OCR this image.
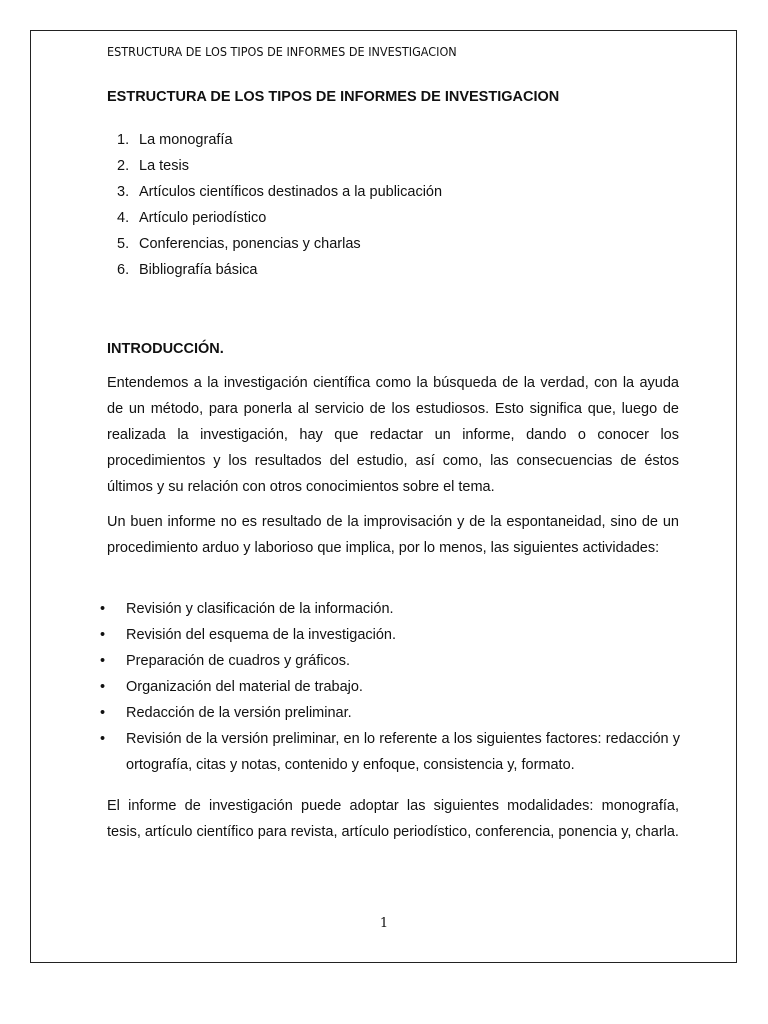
ESTRUCTURA DE LOS TIPOS DE INFORMES DE INVESTIGACION
ESTRUCTURA DE LOS TIPOS DE INFORMES DE INVESTIGACION
1. La monografía
2. La tesis
3. Artículos científicos destinados a la publicación
4. Artículo periodístico
5. Conferencias, ponencias y charlas
6. Bibliografía básica
INTRODUCCIÓN.

Entendemos a la investigación científica como la búsqueda de la verdad, con la ayuda de un método, para ponerla al servicio de los estudiosos. Esto significa que, luego de realizada la investigación, hay que redactar un informe, dando o conocer los procedimientos y los resultados del estudio, así como, las consecuencias de éstos últimos y su relación con otros conocimientos sobre el tema.

Un buen informe no es resultado de la improvisación y de la espontaneidad, sino de un procedimiento arduo y laborioso que implica, por lo menos, las siguientes actividades:

•	Revisión y clasificación de la información.
•	Revisión del esquema de la investigación.
•	Preparación de cuadros y gráficos.
•	Organización del material de trabajo.
•	Redacción de la versión preliminar.
•	Revisión de la versión preliminar, en lo referente a los siguientes factores: redacción y ortografía, citas y notas, contenido y enfoque, consistencia y, formato.

El informe de investigación puede adoptar las siguientes modalidades: monografía, tesis, artículo científico para revista, artículo periodístico, conferencia, ponencia y, charla.

1
